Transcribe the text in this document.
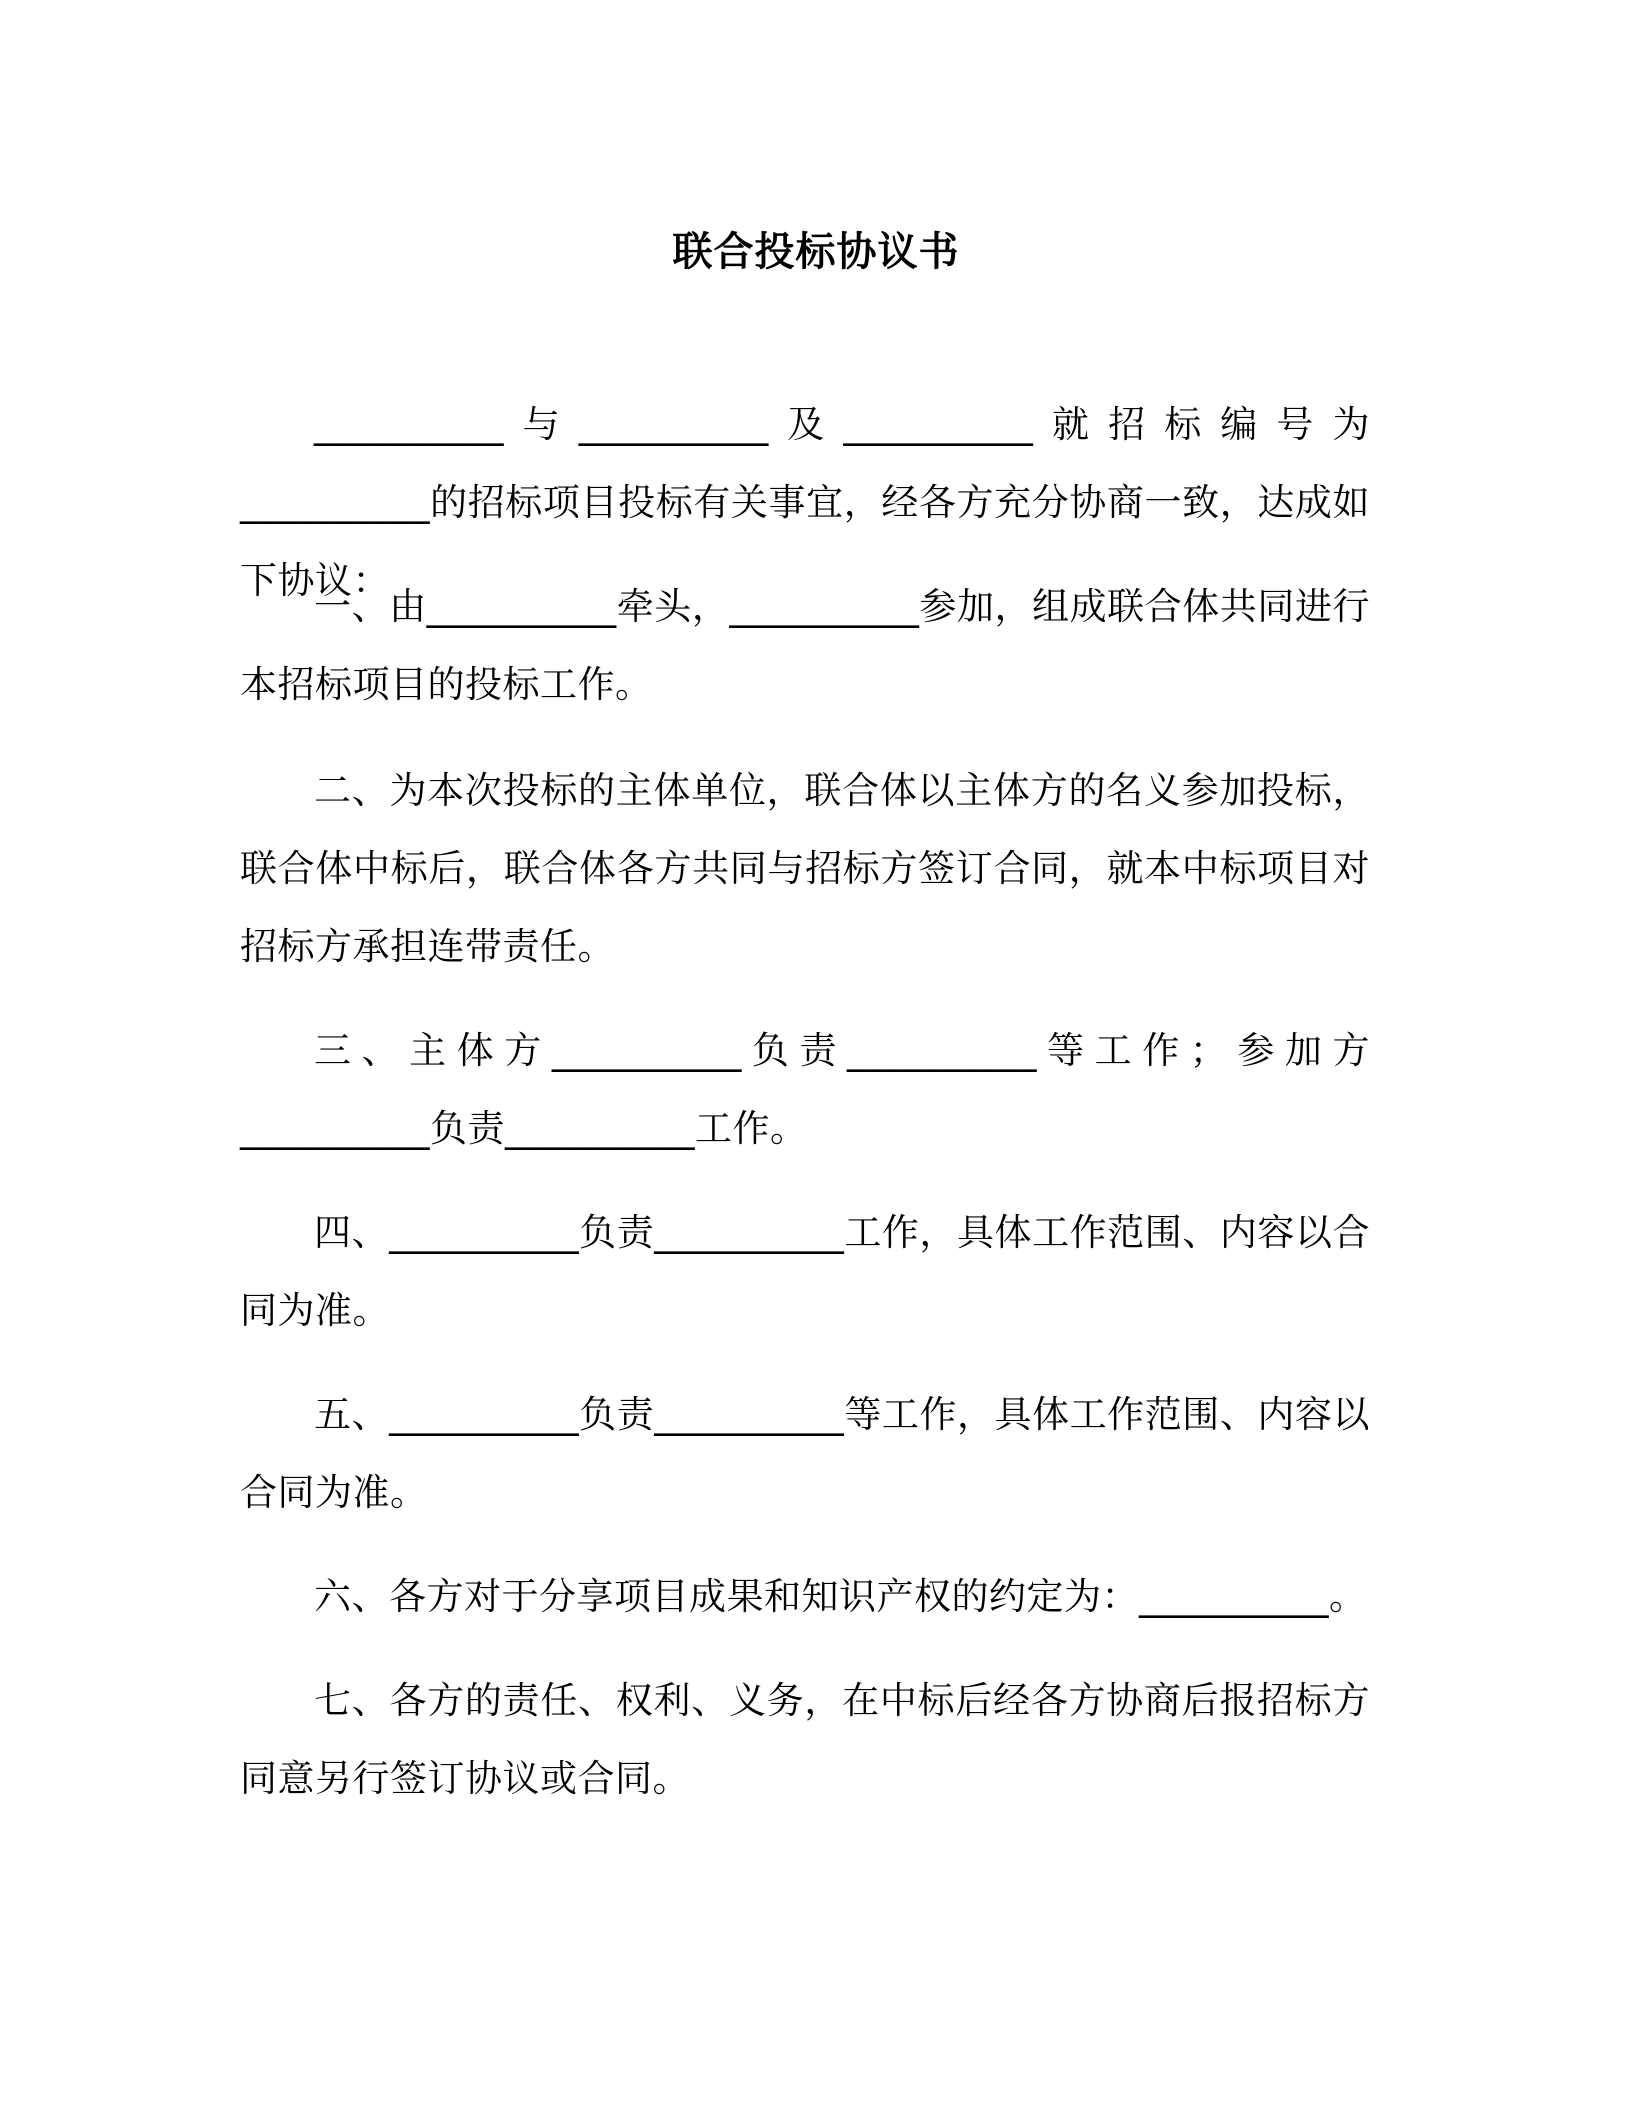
联合投标协议书
__________与__________及__________就招标编号为__________的招标项目投标有关事宜，经各方充分协商一致，达成如下协议：
一、由__________牵头，__________参加，组成联合体共同进行本招标项目的投标工作。
二、为本次投标的主体单位，联合体以主体方的名义参加投标，联合体中标后，联合体各方共同与招标方签订合同，就本中标项目对招标方承担连带责任。
三、主体方__________负责__________等工作；参加方__________负责__________工作。
四、__________负责__________工作，具体工作范围、内容以合同为准。
五、__________负责__________等工作，具体工作范围、内容以合同为准。
六、各方对于分享项目成果和知识产权的约定为：__________。
七、各方的责任、权利、义务，在中标后经各方协商后报招标方同意另行签订协议或合同。
